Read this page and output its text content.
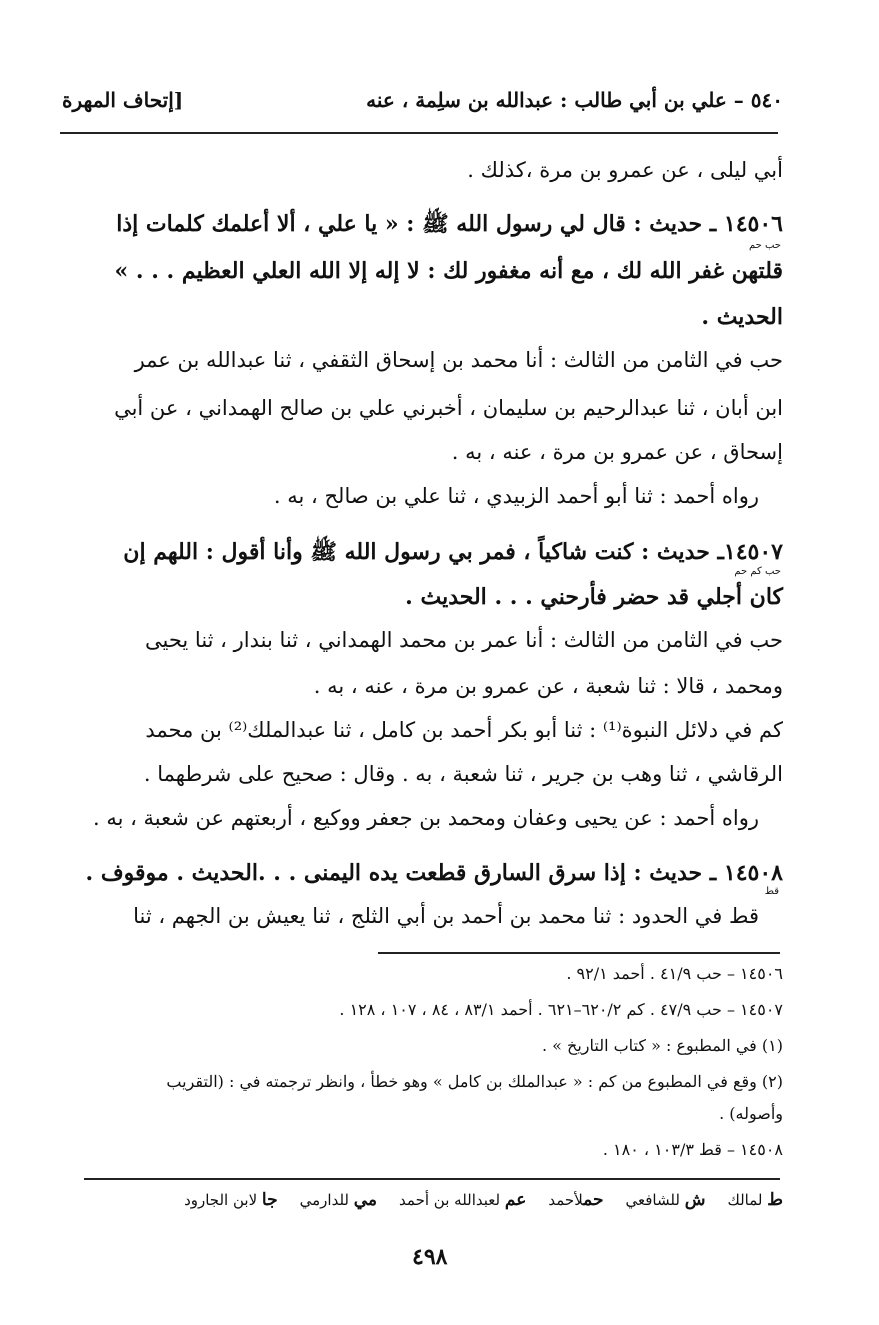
٥٤٠ – علي بن أبي طالب : عبدالله بن سلِمة ، عنه
[إتحاف المهرة
أبي ليلى ، عن عمرو بن مرة ،كذلك .
١٤٥٠٦ ـ حديث : قال لي رسول الله ﷺ : « يا علي ، ألا أعلمك كلمات إذا
حب حم
قلتهن غفر الله لك ، مع أنه مغفور لك : لا إله إلا الله العلي العظيم . . . »
الحديث .
حب في الثامن من الثالث : أنا محمد بن إسحاق الثقفي ، ثنا عبدالله بن عمر
ابن أبان ، ثنا عبدالرحيم بن سليمان ، أخبرني علي بن صالح الهمداني ، عن أبي
إسحاق ، عن عمرو بن مرة ، عنه ، به .
رواه أحمد : ثنا أبو أحمد الزبيدي ، ثنا علي بن صالح ، به .
١٤٥٠٧ـ حديث : كنت شاكياً ، فمر بي رسول الله ﷺ وأنا أقول : اللهم إن
حب كم حم
كان أجلي قد حضر فأرحني . . . الحديث .
حب في الثامن من الثالث : أنا عمر بن محمد الهمداني ، ثنا بندار ، ثنا يحيى
ومحمد ، قالا : ثنا شعبة ، عن عمرو بن مرة ، عنه ، به .
كم في دلائل النبوة⁽¹⁾ : ثنا أبو بكر أحمد بن كامل ، ثنا عبدالملك⁽²⁾ بن محمد
الرقاشي ، ثنا وهب بن جرير ، ثنا شعبة ، به . وقال : صحيح على شرطهما .
رواه أحمد : عن يحيى وعفان ومحمد بن جعفر ووكيع ، أربعتهم عن شعبة ، به .
١٤٥٠٨ ـ حديث : إذا سرق السارق قطعت يده اليمنى . . .الحديث . موقوف .
قط
قط في الحدود : ثنا محمد بن أحمد بن أبي الثلج ، ثنا يعيش بن الجهم ، ثنا
١٤٥٠٦ – حب ٤١/٩ . أحمد ٩٢/١ .
١٤٥٠٧ – حب ٤٧/٩ . كم ٦٢٠/٢–٦٢١ . أحمد ٨٣/١ ، ٨٤ ، ١٠٧ ، ١٢٨ .
(١) في المطبوع : « كتاب التاريخ » .
(٢) وقع في المطبوع من كم : « عبدالملك بن كامل » وهو خطأ ، وانظر ترجمته في : (التقريب
وأصوله) .
١٤٥٠٨ – قط ١٠٣/٣ ، ١٨٠ .
ط لمالك
ش للشافعي
حملأحمد
عم لعبدالله بن أحمد
مي للدارمي
جا لابن الجارود
٤٩٨
